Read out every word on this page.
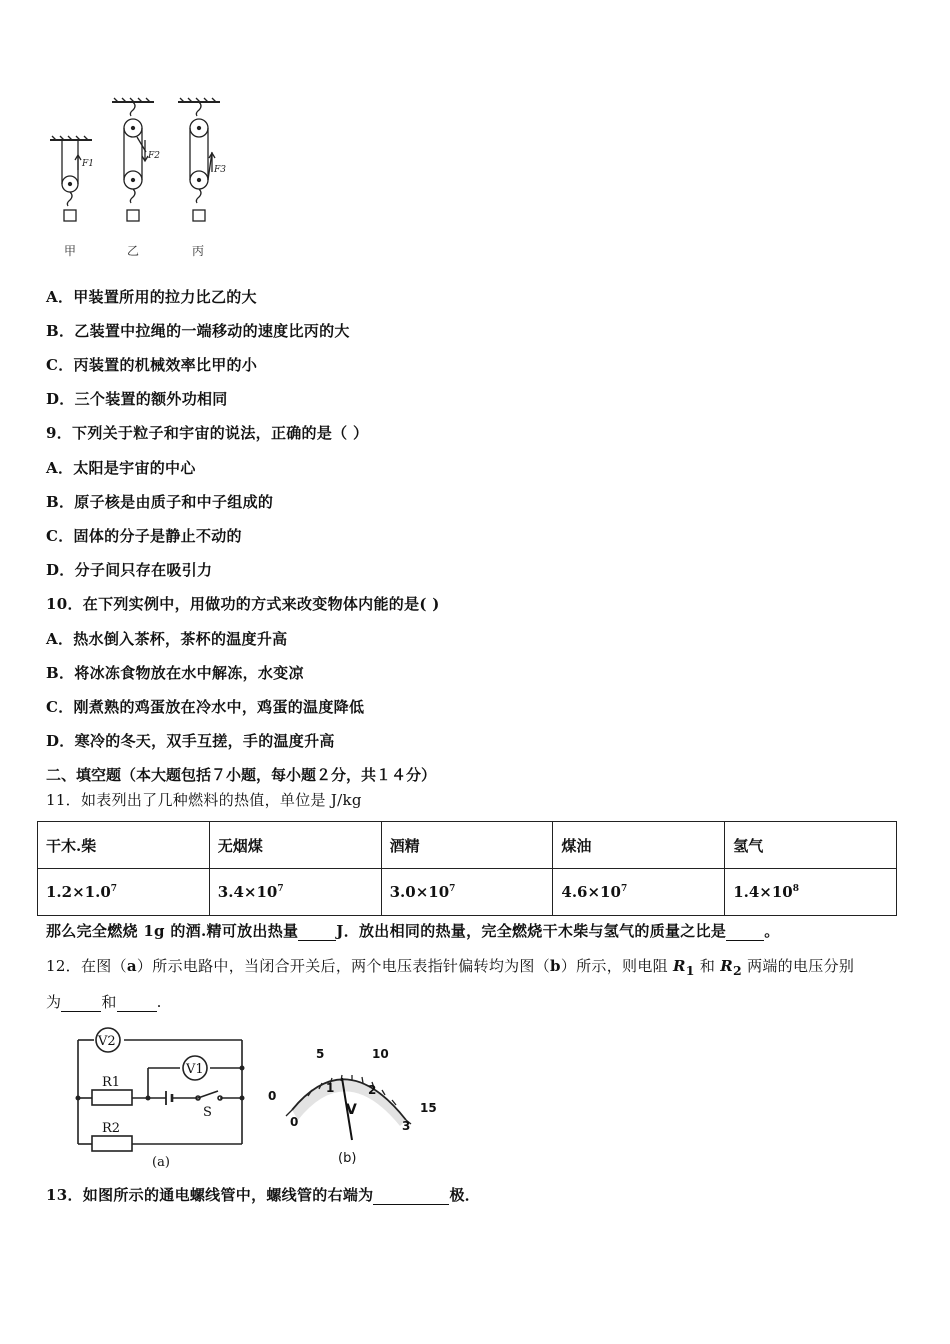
F1
F2
F3
甲	乙	丙
A．甲装置所用的拉力比乙的大
B．乙装置中拉绳的一端移动的速度比丙的大
C．丙装置的机械效率比甲的小
D．三个装置的额外功相同
9．下列关于粒子和宇宙的说法，正确的是（ ）
A．太阳是宇宙的中心
B．原子核是由质子和中子组成的
C．固体的分子是静止不动的
D．分子间只存在吸引力
10．在下列实例中，用做功的方式来改变物体内能的是( )
A．热水倒入茶杯，茶杯的温度升高
B．将冰冻食物放在水中解冻，水变凉
C．刚煮熟的鸡蛋放在冷水中，鸡蛋的温度降低
D．寒冷的冬天，双手互搓，手的温度升高
二、填空题（本大题包括７小题，每小题２分，共１４分）
11．如表列出了几种燃料的热值，单位是 J/kg
干木.柴	无烟煤	酒精	煤油	氢气
$1.2\times 1.0^7$	$3.4\times 10^7$	$3.0\times 10^7$	$4.6\times 10^7$	$1.4\times 10^8$
那么完全燃烧 1g 的酒.精可放出热量	J．放出相同的热量，完全燃烧干木柴与氢气的质量之比是	。
12．在图（a）所示电路中，当闭合开关后，两个电压表指针偏转均为图（b）所示，则电阻 $R_1$ 和 $R_2$ 两端的电压分别
为	和	.
V2
V1
R1
R2
S
(a)
0
5	10
15
0
1	2
3
V
(b)
13．如图所示的通电螺线管中，螺线管的右端为	极．
